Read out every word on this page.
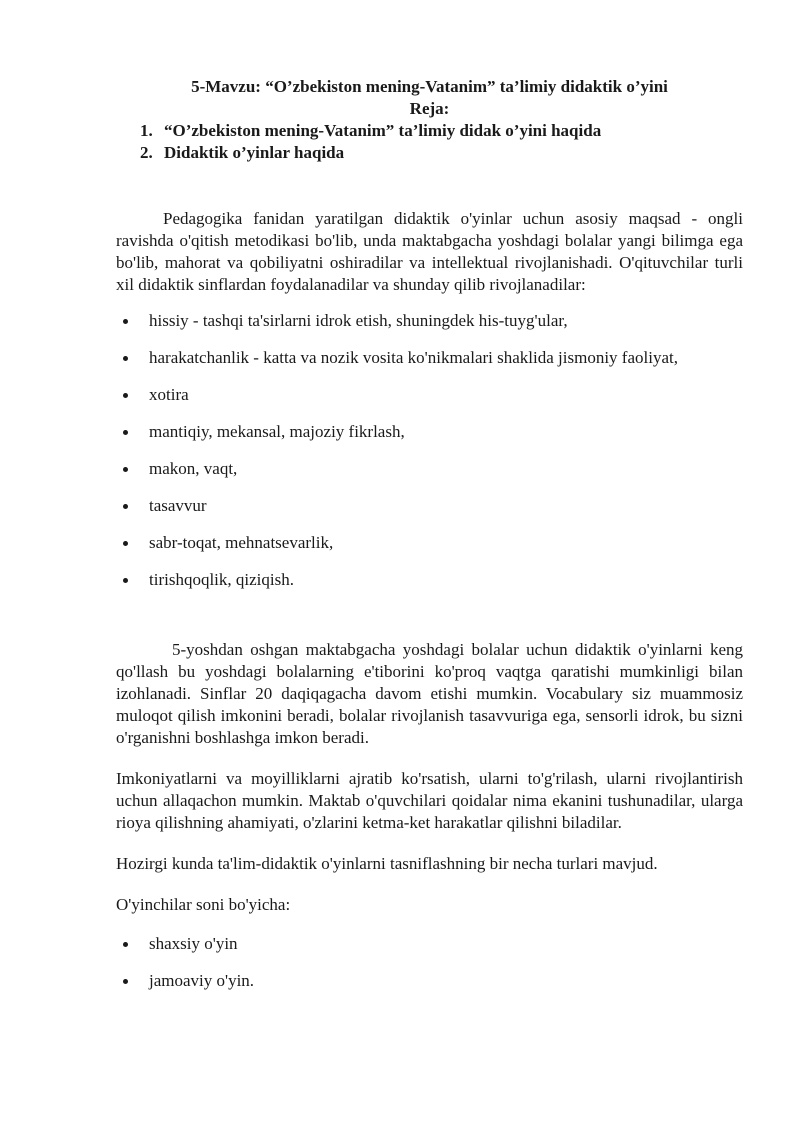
5-Mavzu: “O’zbekiston mening-Vatanim” ta’limiy didaktik o’yini

Reja:

1. “O’zbekiston mening-Vatanim” ta’limiy didak o’yini haqida
2. Didaktik o’yinlar haqida

Pedagogika fanidan yaratilgan didaktik o'yinlar uchun asosiy maqsad - ongli ravishda o'qitish metodikasi bo'lib, unda maktabgacha yoshdagi bolalar yangi bilimga ega bo'lib, mahorat va qobiliyatni oshiradilar va intellektual rivojlanishadi. O'qituvchilar turli xil didaktik sinflardan foydalanadilar va shunday qilib rivojlanadilar:

hissiy - tashqi ta'sirlarni idrok etish, shuningdek his-tuyg'ular,
harakatchanlik - katta va nozik vosita ko'nikmalari shaklida jismoniy faoliyat,
xotira
mantiqiy, mekansal, majoziy fikrlash,
makon, vaqt,
tasavvur
sabr-toqat, mehnatsevarlik,
tirishqoqlik, qiziqish.

5-yoshdan oshgan maktabgacha yoshdagi bolalar uchun didaktik o'yinlarni keng qo'llash bu yoshdagi bolalarning e'tiborini ko'proq vaqtga qaratishi mumkinligi bilan izohlanadi. Sinflar 20 daqiqagacha davom etishi mumkin. Vocabulary siz muammosiz muloqot qilish imkonini beradi, bolalar rivojlanish tasavvuriga ega, sensorli idrok, bu sizni o'rganishni boshlashga imkon beradi.

Imkoniyatlarni va moyilliklarni ajratib ko'rsatish, ularni to'g'rilash, ularni rivojlantirish uchun allaqachon mumkin. Maktab o'quvchilari qoidalar nima ekanini tushunadilar, ularga rioya qilishning ahamiyati, o'zlarini ketma-ket harakatlar qilishni biladilar.

Hozirgi kunda ta'lim-didaktik o'yinlarni tasniflashning bir necha turlari mavjud.

O'yinchilar soni bo'yicha:

shaxsiy o'yin
jamoaviy o'yin.
